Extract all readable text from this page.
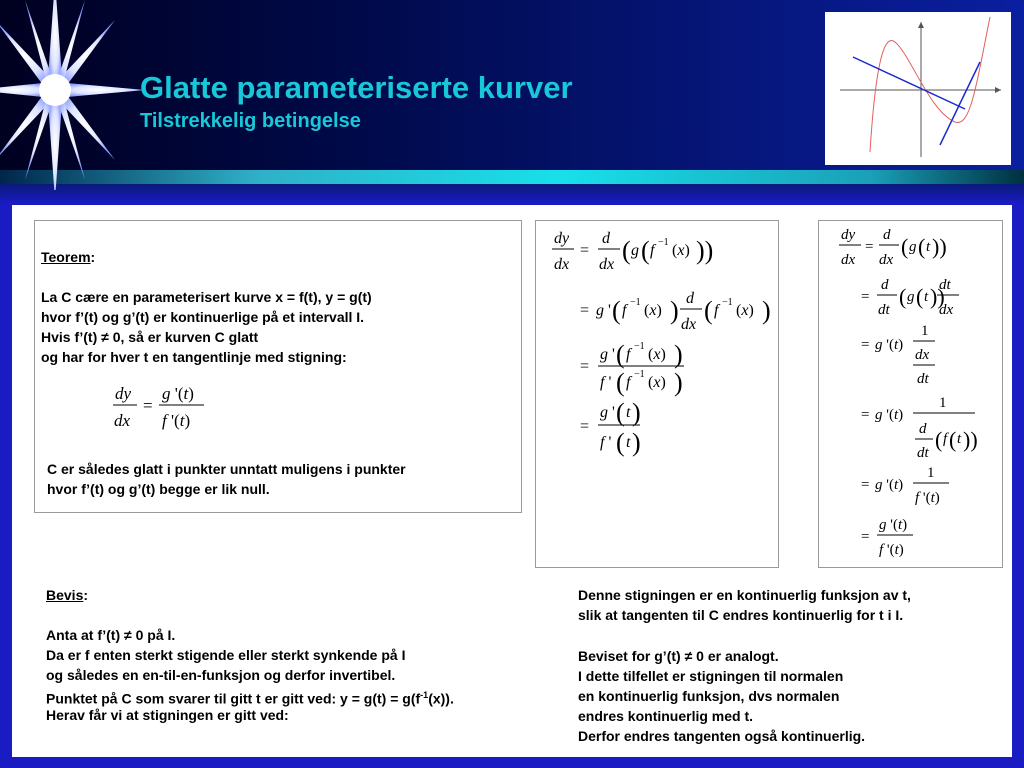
Glatte parameteriserte kurver
Tilstrekkelig betingelse
Teorem:
La C cære en parameterisert kurve x = f(t), y = g(t)
hvor f’(t) og g’(t) er kontinuerlige på et intervall I.
Hvis f’(t) ≠ 0, så er kurven C glatt
og har for hver t en tangentlinje med stigning:
dy
dx
=
g '(t)
f '(t)
C er således glatt i punkter unntatt muligens i punkter
hvor f’(t) og g’(t) begge er lik null.
dy
dx
=
d
dx ( g ( f −1 (x) ))
= g ' ( f −1 (x) ) d
dx ( f −1 (x) )
=
g ' ( f −1 (x) )
f ' ( f −1 (x) )
=
g ' ( t )
f ' ( t )
dy
dx
=
d
dx
( g ( t ))
=
d
dt
( g ( t ))
dt
dx
= g '(t)
1
dx
dt
= g '(t)
1
d
dt
( f ( t ))
= g '(t)
1
f '(t)
=
g '(t)
f '(t)
Bevis:
Anta at f’(t) ≠ 0 på I.
Da er f enten sterkt stigende eller sterkt synkende på I
og således en en-til-en-funksjon og derfor invertibel.
Punktet på C som svarer til gitt t er gitt ved: $y = g(t) = g(f^{-1}(x))$.
Herav får vi at stigningen er gitt ved:
Denne stigningen er en kontinuerlig funksjon av t,
slik at tangenten til C endres kontinuerlig for t i I.
Beviset for g’(t) ≠ 0 er analogt.
I dette tilfellet er stigningen til normalen
en kontinuerlig funksjon, dvs normalen
endres kontinuerlig med t.
Derfor endres tangenten også kontinuerlig.
